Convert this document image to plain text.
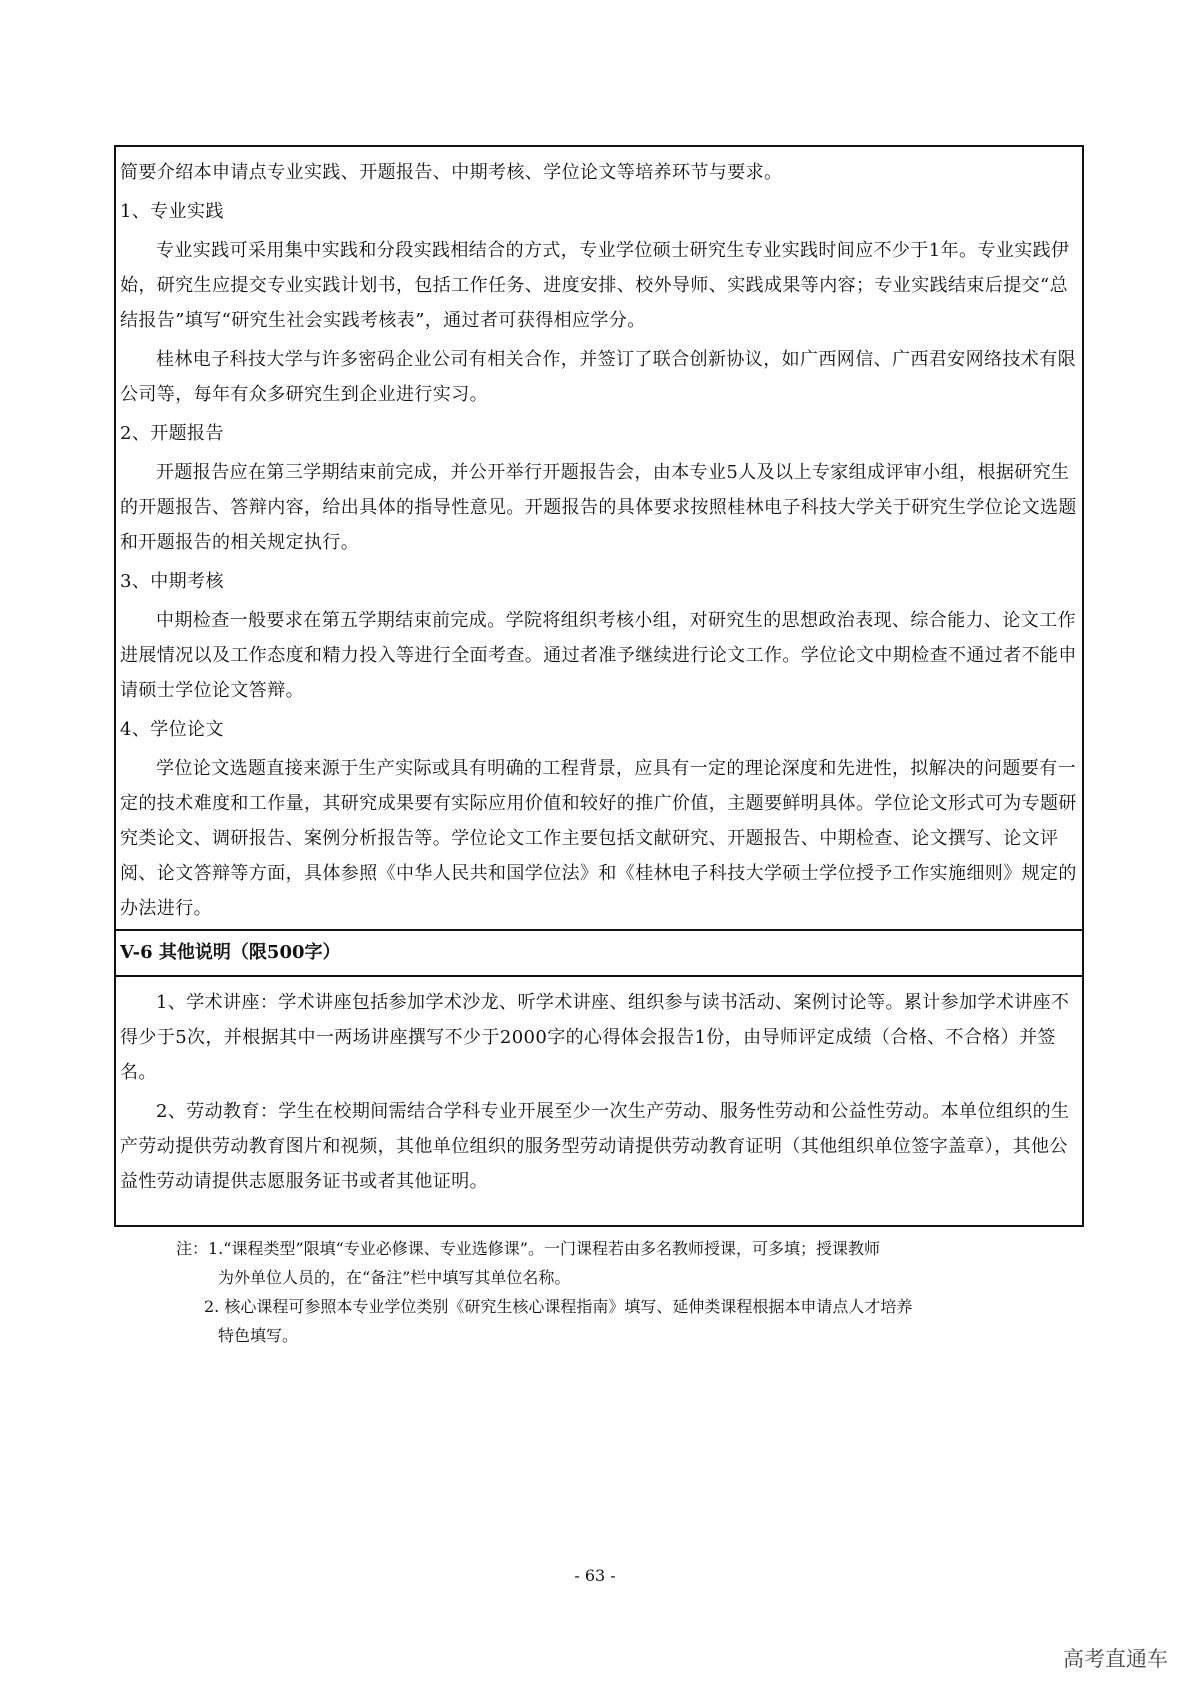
简要介绍本申请点专业实践、开题报告、中期考核、学位论文等培养环节与要求。

1、专业实践

专业实践可采用集中实践和分段实践相结合的方式，专业学位硕士研究生专业实践时间应不少于1年。专业实践伊始，研究生应提交专业实践计划书，包括工作任务、进度安排、校外导师、实践成果等内容；专业实践结束后提交“总结报告”填写“研究生社会实践考核表”，通过者可获得相应学分。

桂林电子科技大学与许多密码企业公司有相关合作，并签订了联合创新协议，如广西网信、广西君安网络技术有限公司等，每年有众多研究生到企业进行实习。

2、开题报告

开题报告应在第三学期结束前完成，并公开举行开题报告会，由本专业5人及以上专家组成评审小组，根据研究生的开题报告、答辩内容，给出具体的指导性意见。开题报告的具体要求按照桂林电子科技大学关于研究生学位论文选题和开题报告的相关规定执行。

3、中期考核

中期检查一般要求在第五学期结束前完成。学院将组织考核小组，对研究生的思想政治表现、综合能力、论文工作进展情况以及工作态度和精力投入等进行全面考查。通过者准予继续进行论文工作。学位论文中期检查不通过者不能申请硕士学位论文答辩。

4、学位论文

学位论文选题直接来源于生产实际或具有明确的工程背景，应具有一定的理论深度和先进性，拟解决的问题要有一定的技术难度和工作量，其研究成果要有实际应用价值和较好的推广价值，主题要鲜明具体。学位论文形式可为专题研究类论文、调研报告、案例分析报告等。学位论文工作主要包括文献研究、开题报告、中期检查、论文撰写、论文评阅、论文答辩等方面，具体参照《中华人民共和国学位法》和《桂林电子科技大学硕士学位授予工作实施细则》规定的办法进行。

V-6 其他说明（限500字）

1、学术讲座：学术讲座包括参加学术沙龙、听学术讲座、组织参与读书活动、案例讨论等。累计参加学术讲座不得少于5次，并根据其中一两场讲座撰写不少于2000字的心得体会报告1份，由导师评定成绩（合格、不合格）并签名。

2、劳动教育：学生在校期间需结合学科专业开展至少一次生产劳动、服务性劳动和公益性劳动。本单位组织的生产劳动提供劳动教育图片和视频，其他单位组织的服务型劳动请提供劳动教育证明（其他组织单位签字盖章），其他公益性劳动请提供志愿服务证书或者其他证明。

注：1.“课程类型”限填“专业必修课、专业选修课”。一门课程若由多名教师授课，可多填；授课教师
为外单位人员的，在“备注”栏中填写其单位名称。
2. 核心课程可参照本专业学位类别《研究生核心课程指南》填写、延伸类课程根据本申请点人才培养
特色填写。
- 63 -
高考直通车
